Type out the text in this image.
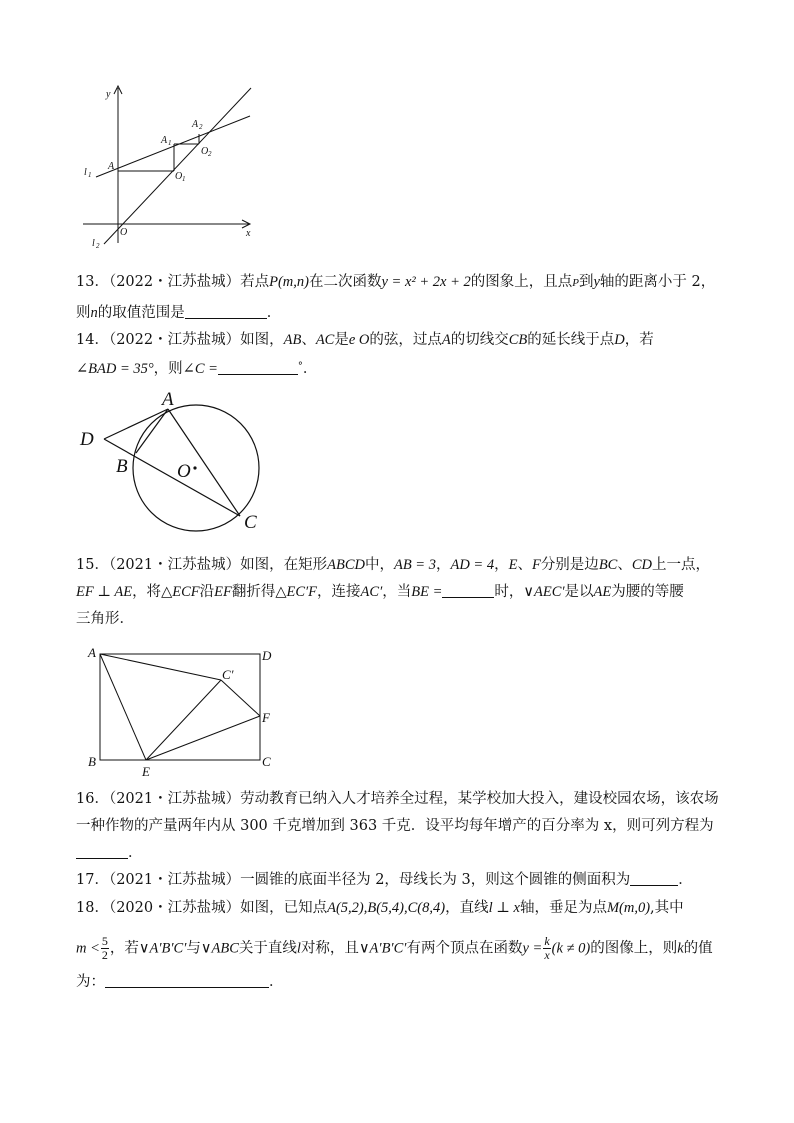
y
x
O
A
A 1
A 2
O 1
O 2
l 1
l 2
13．（2022・江苏盐城）若点P(m,n)在二次函数y = x² + 2x + 2的图象上，且点P到y轴的距离小于 2，
则n的取值范围是	．
14．（2022・江苏盐城）如图，AB、AC是e O的弦，过点A的切线交CB的延长线于点D，若
∠BAD = 35°，则∠C =	°．
A
B
C
D
O
15．（2021・江苏盐城）如图，在矩形ABCD中，AB = 3，AD = 4，E、F分别是边BC、CD上一点，
EF ⊥ AE，将△ECF沿EF翻折得△EC′F，连接AC′，当BE =	时，∨AEC′是以AE为腰的等腰
三角形．
A	D
B	C
E
F
C′
16．（2021・江苏盐城）劳动教育已纳入人才培养全过程，某学校加大投入，建设校园农场，该农场
一种作物的产量两年内从 300 千克增加到 363 千克．设平均每年增产的百分率为 x，则可列方程为
．
17．（2021・江苏盐城）一圆锥的底面半径为 2，母线长为 3，则这个圆锥的侧面积为	．
18．（2020・江苏盐城）如图，已知点A(5,2),B(5,4),C(8,4)，直线l ⊥ x轴，垂足为点M(m,0),其中
$m < \frac{5}{2}$ ，若∨A′B′C′与∨ABC关于直线l对称，且∨A′B′C′有两个顶点在函数$y = \frac{k}{x} (k \ne 0)$的图像上，则k的值
为：	．
